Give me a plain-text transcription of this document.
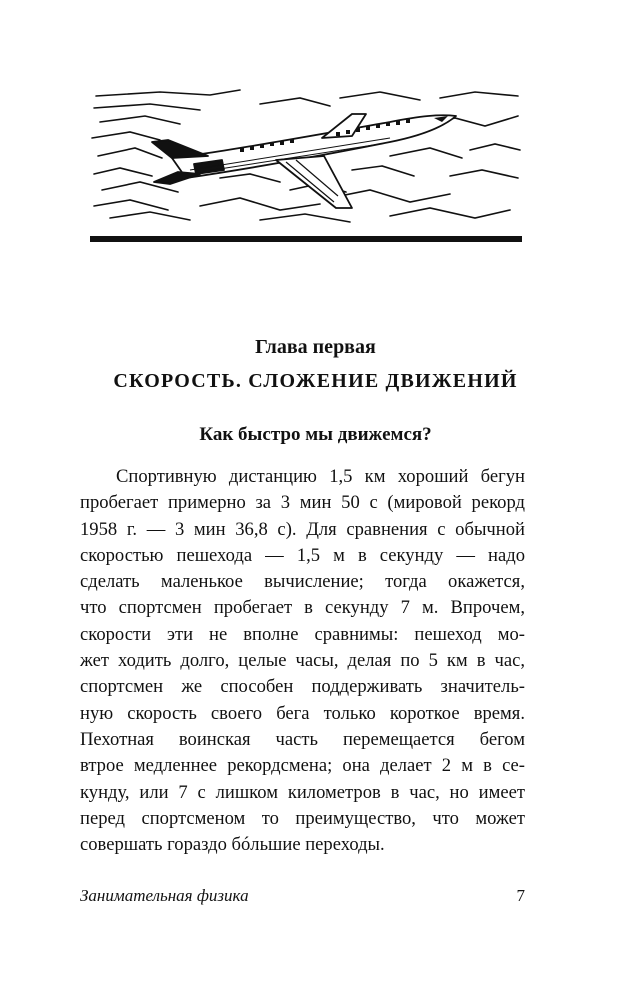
Глава первая
СКОРОСТЬ. СЛОЖЕНИЕ ДВИЖЕНИЙ
Как быстро мы движемся?
Спортивную дистанцию 1,5 км хороший бегун
пробегает примерно за 3 мин 50 с (мировой рекорд
1958 г. — 3 мин 36,8 с). Для сравнения с обычной
скоростью пешехода — 1,5 м в секунду — надо
сделать маленькое вычисление; тогда окажется,
что спортсмен пробегает в секунду 7 м. Впрочем,
скорости эти не вполне сравнимы: пешеход мо-
жет ходить долго, целые часы, делая по 5 км в час,
спортсмен же способен поддерживать значитель-
ную скорость своего бега только короткое время.
Пехотная воинская часть перемещается бегом
втрое медленнее рекордсмена; она делает 2 м в се-
кунду, или 7 с лишком километров в час, но имеет
перед спортсменом то преимущество, что может
совершать гораздо бóльшие переходы.
Занимательная физика	7
